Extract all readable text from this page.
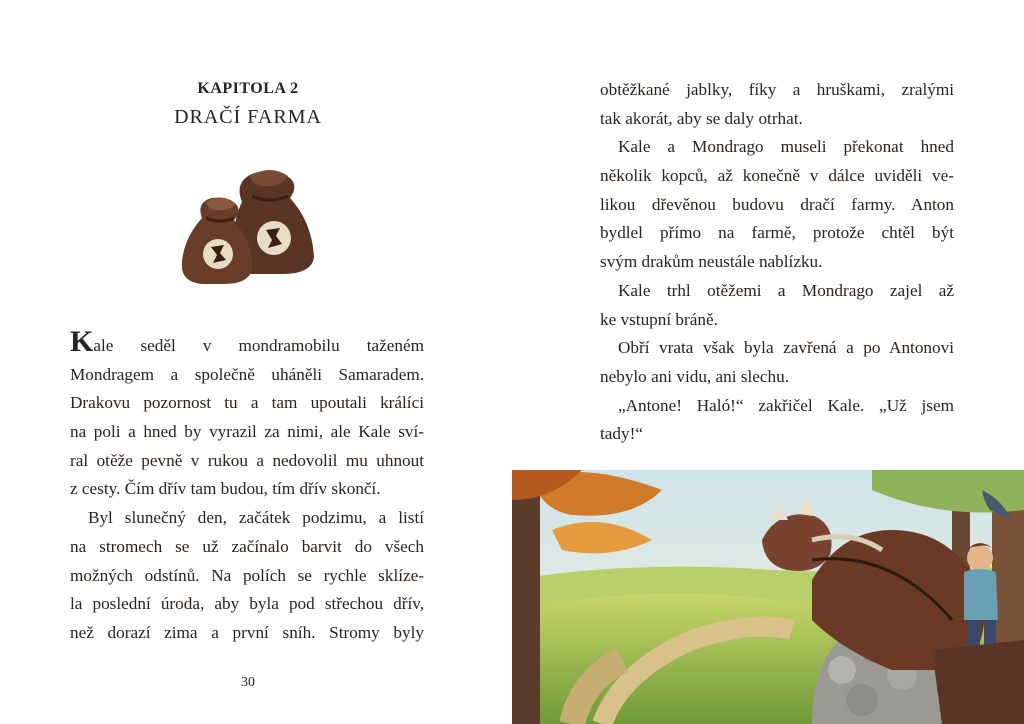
KAPITOLA 2
DRAČÍ FARMA

Kale seděl v mondramobilu taženém
Mondragem a společně uháněli Samaradem.
Drakovu pozornost tu a tam upoutali králíci
na poli a hned by vyrazil za nimi, ale Kale sví-
ral otěže pevně v rukou a nedovolil mu uhnout
z cesty. Čím dřív tam budou, tím dřív skončí.

Byl slunečný den, začátek podzimu, a listí
na stromech se už začínalo barvit do všech
možných odstínů. Na polích se rychle sklíze-
la poslední úroda, aby byla pod střechou dřív,
než dorazí zima a první sníh. Stromy byly

30

obtěžkané jablky, fíky a hruškami, zralými
tak akorát, aby se daly otrhat.

Kale a Mondrago museli překonat hned
několik kopců, až konečně v dálce uviděli ve-
likou dřevěnou budovu dračí farmy. Anton
bydlel přímo na farmě, protože chtěl být
svým drakům neustále nablízku.

Kale trhl otěžemi a Mondrago zajel až
ke vstupní bráně.

Obří vrata však byla zavřená a po Antonovi
nebylo ani vidu, ani slechu.

„Antone! Haló!“ zakřičel Kale. „Už jsem
tady!“
